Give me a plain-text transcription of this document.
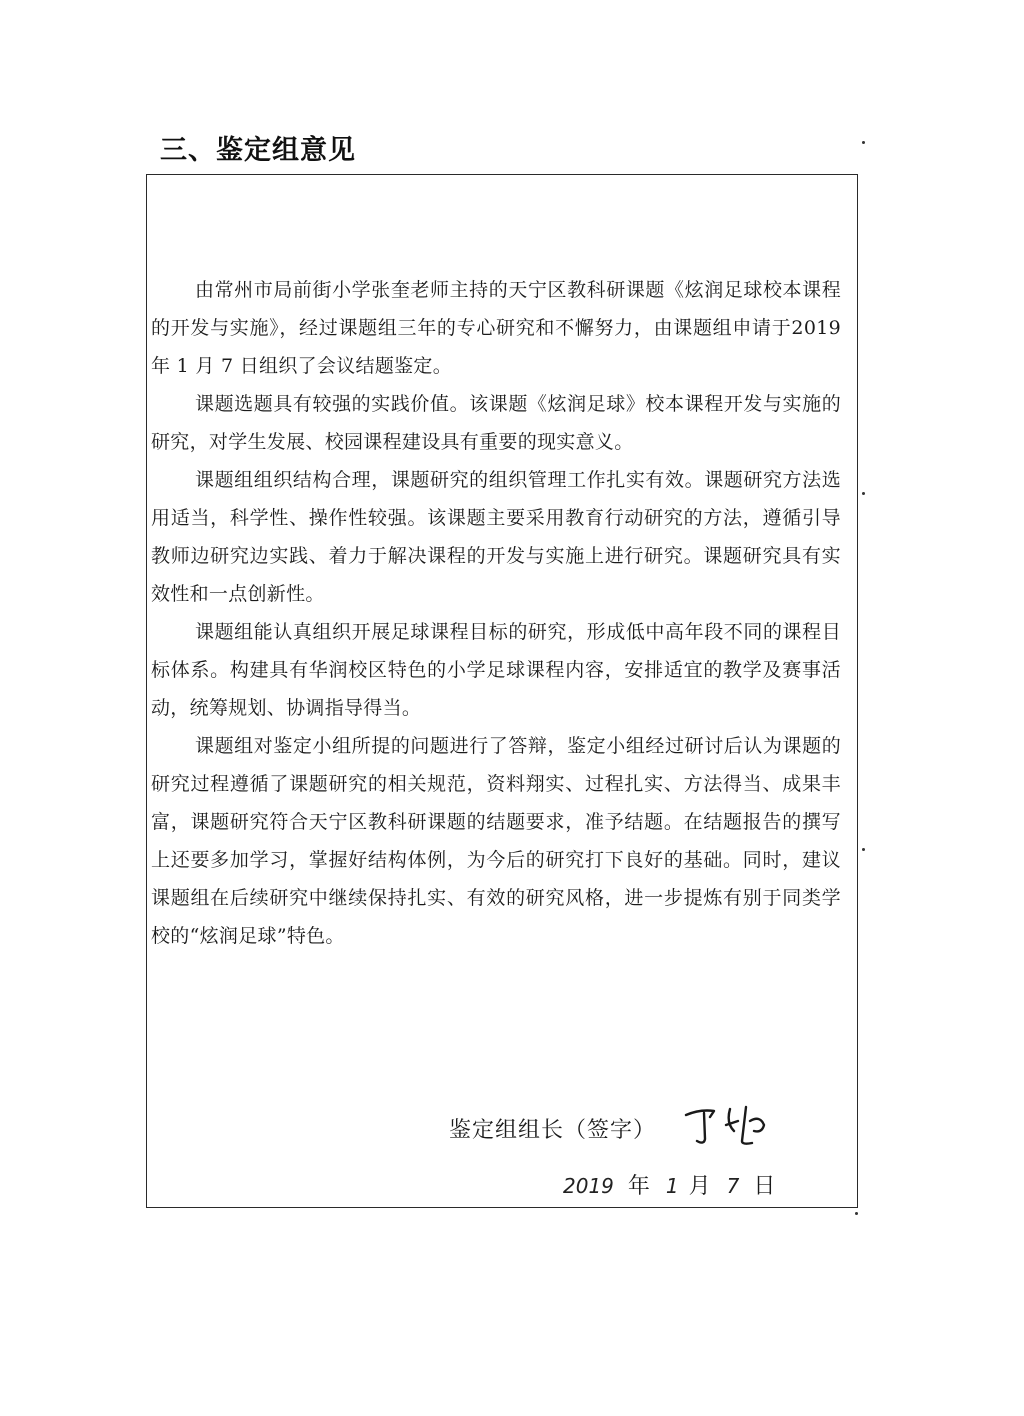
三、鉴定组意见

由常州市局前街小学张奎老师主持的天宁区教科研课题《炫润足球校本课程的开发与实施》，经过课题组三年的专心研究和不懈努力，由课题组申请于2019 年 1 月 7 日组织了会议结题鉴定。

课题选题具有较强的实践价值。该课题《炫润足球》校本课程开发与实施的研究，对学生发展、校园课程建设具有重要的现实意义。

课题组组织结构合理，课题研究的组织管理工作扎实有效。课题研究方法选用适当，科学性、操作性较强。该课题主要采用教育行动研究的方法，遵循引导教师边研究边实践、着力于解决课程的开发与实施上进行研究。课题研究具有实效性和一点创新性。

课题组能认真组织开展足球课程目标的研究，形成低中高年段不同的课程目标体系。构建具有华润校区特色的小学足球课程内容，安排适宜的教学及赛事活动，统筹规划、协调指导得当。

课题组对鉴定小组所提的问题进行了答辩，鉴定小组经过研讨后认为课题的研究过程遵循了课题研究的相关规范，资料翔实、过程扎实、方法得当、成果丰富，课题研究符合天宁区教科研课题的结题要求，准予结题。在结题报告的撰写上还要多加学习，掌握好结构体例，为今后的研究打下良好的基础。同时，建议课题组在后续研究中继续保持扎实、有效的研究风格，进一步提炼有别于同类学校的“炫润足球”特色。

鉴定组组长（签字）
2019 年 1 月 7 日
